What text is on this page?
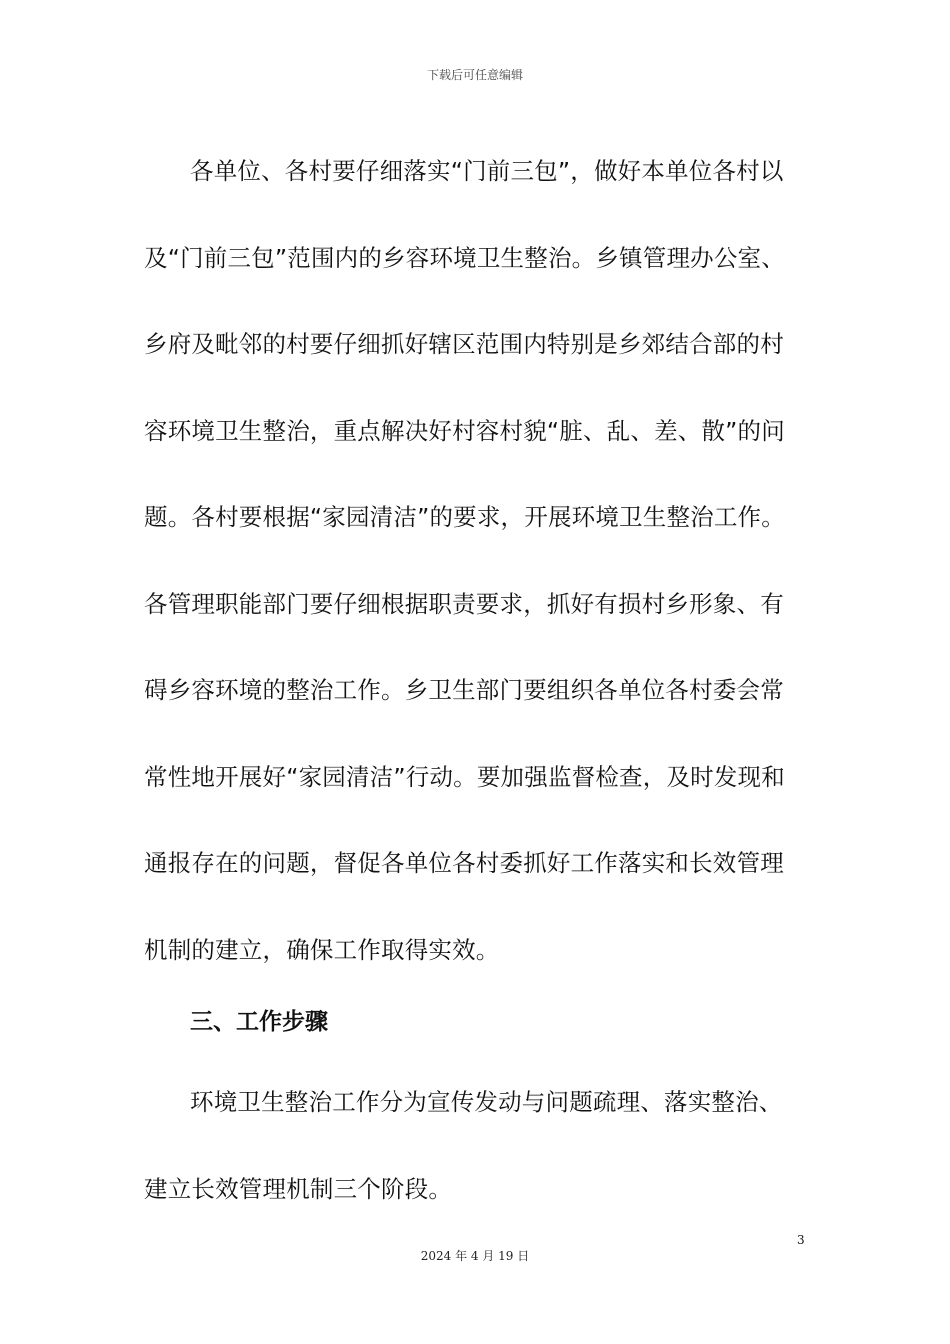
下载后可任意编辑

各单位、各村要仔细落实“门前三包”，做好本单位各村以及“门前三包”范围内的乡容环境卫生整治。乡镇管理办公室、乡府及毗邻的村要仔细抓好辖区范围内特别是乡郊结合部的村容环境卫生整治，重点解决好村容村貌“脏、乱、差、散”的问题。各村要根据“家园清洁”的要求，开展环境卫生整治工作。各管理职能部门要仔细根据职责要求，抓好有损村乡形象、有碍乡容环境的整治工作。乡卫生部门要组织各单位各村委会常常性地开展好“家园清洁”行动。要加强监督检查，及时发现和通报存在的问题，督促各单位各村委抓好工作落实和长效管理机制的建立，确保工作取得实效。

三、工作步骤

环境卫生整治工作分为宣传发动与问题疏理、落实整治、建立长效管理机制三个阶段。

3
2024 年 4 月 19 日
